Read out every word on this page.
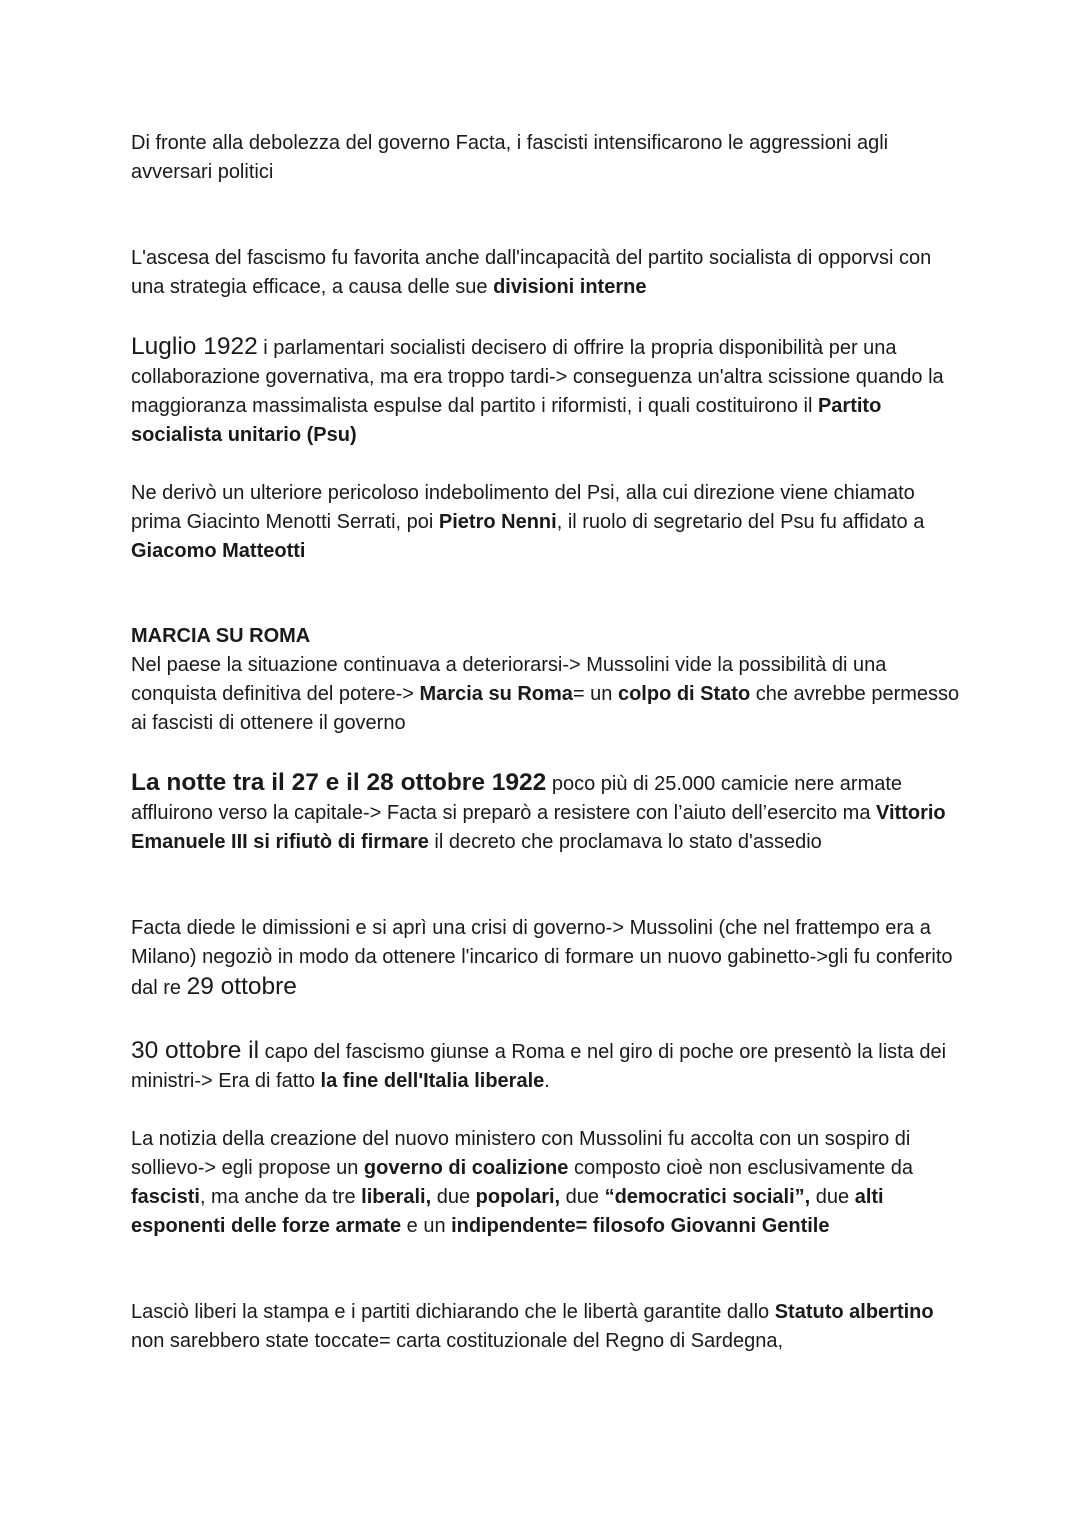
Di fronte alla debolezza del governo Facta, i fascisti intensificarono le aggressioni agli avversari politici

L'ascesa del fascismo fu favorita anche dall'incapacità del partito socialista di opporvsi con una strategia efficace, a causa delle sue divisioni interne

Luglio 1922 i parlamentari socialisti decisero di offrire la propria disponibilità per una collaborazione governativa, ma era troppo tardi-> conseguenza un'altra scissione quando la maggioranza massimalista espulse dal partito i riformisti, i quali costituirono il Partito socialista unitario (Psu)

Ne derivò un ulteriore pericoloso indebolimento del Psi, alla cui direzione viene chiamato prima Giacinto Menotti Serrati, poi Pietro Nenni, il ruolo di segretario del Psu fu affidato a Giacomo Matteotti

MARCIA SU ROMA
Nel paese la situazione continuava a deteriorarsi-> Mussolini vide la possibilità di una conquista definitiva del potere-> Marcia su Roma= un colpo di Stato che avrebbe permesso ai fascisti di ottenere il governo

La notte tra il 27 e il 28 ottobre 1922 poco più di 25.000 camicie nere armate affluirono verso la capitale-> Facta si preparò a resistere con l’aiuto dell’esercito ma Vittorio Emanuele III si rifiutò di firmare il decreto che proclamava lo stato d'assedio

Facta diede le dimissioni e si aprì una crisi di governo-> Mussolini (che nel frattempo era a Milano) negoziò in modo da ottenere l'incarico di formare un nuovo gabinetto->gli fu conferito dal re 29 ottobre

30 ottobre il capo del fascismo giunse a Roma e nel giro di poche ore presentò la lista dei ministri-> Era di fatto la fine dell'Italia liberale.

La notizia della creazione del nuovo ministero con Mussolini fu accolta con un sospiro di sollievo-> egli propose un governo di coalizione composto cioè non esclusivamente da fascisti, ma anche da tre liberali, due popolari, due “democratici sociali”, due alti esponenti delle forze armate e un indipendente= filosofo Giovanni Gentile

Lasciò liberi la stampa e i partiti dichiarando che le libertà garantite dallo Statuto albertino non sarebbero state toccate= carta costituzionale del Regno di Sardegna,
